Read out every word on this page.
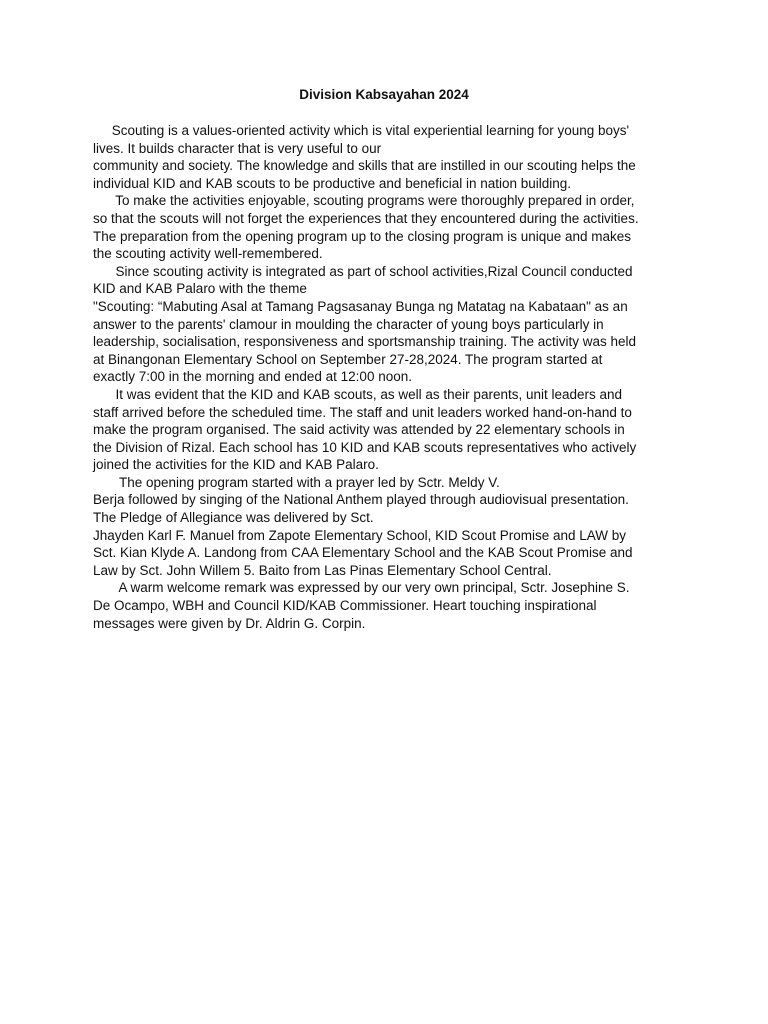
Division Kabsayahan 2024
Scouting is a values-oriented activity which is vital experiential learning for young boys'
lives. It builds character that is very useful to our
community and society. The knowledge and skills that are instilled in our scouting helps the
individual KID and KAB scouts to be productive and beneficial in nation building.
To make the activities enjoyable, scouting programs were thoroughly prepared in order,
so that the scouts will not forget the experiences that they encountered during the activities.
The preparation from the opening program up to the closing program is unique and makes
the scouting activity well-remembered.
Since scouting activity is integrated as part of school activities,Rizal Council conducted
KID and KAB Palaro with the theme
"Scouting: “Mabuting Asal at Tamang Pagsasanay Bunga ng Matatag na Kabataan" as an
answer to the parents' clamour in moulding the character of young boys particularly in
leadership, socialisation, responsiveness and sportsmanship training. The activity was held
at Binangonan Elementary School on September 27-28,2024. The program started at
exactly 7:00 in the morning and ended at 12:00 noon.
It was evident that the KID and KAB scouts, as well as their parents, unit leaders and
staff arrived before the scheduled time. The staff and unit leaders worked hand-on-hand to
make the program organised. The said activity was attended by 22 elementary schools in
the Division of Rizal. Each school has 10 KID and KAB scouts representatives who actively
joined the activities for the KID and KAB Palaro.
The opening program started with a prayer led by Sctr. Meldy V.
Berja followed by singing of the National Anthem played through audiovisual presentation.
The Pledge of Allegiance was delivered by Sct.
Jhayden Karl F. Manuel from Zapote Elementary School, KID Scout Promise and LAW by
Sct. Kian Klyde A. Landong from CAA Elementary School and the KAB Scout Promise and
Law by Sct. John Willem 5. Baito from Las Pinas Elementary School Central.
A warm welcome remark was expressed by our very own principal, Sctr. Josephine S.
De Ocampo, WBH and Council KID/KAB Commissioner. Heart touching inspirational
messages were given by Dr. Aldrin G. Corpin.
